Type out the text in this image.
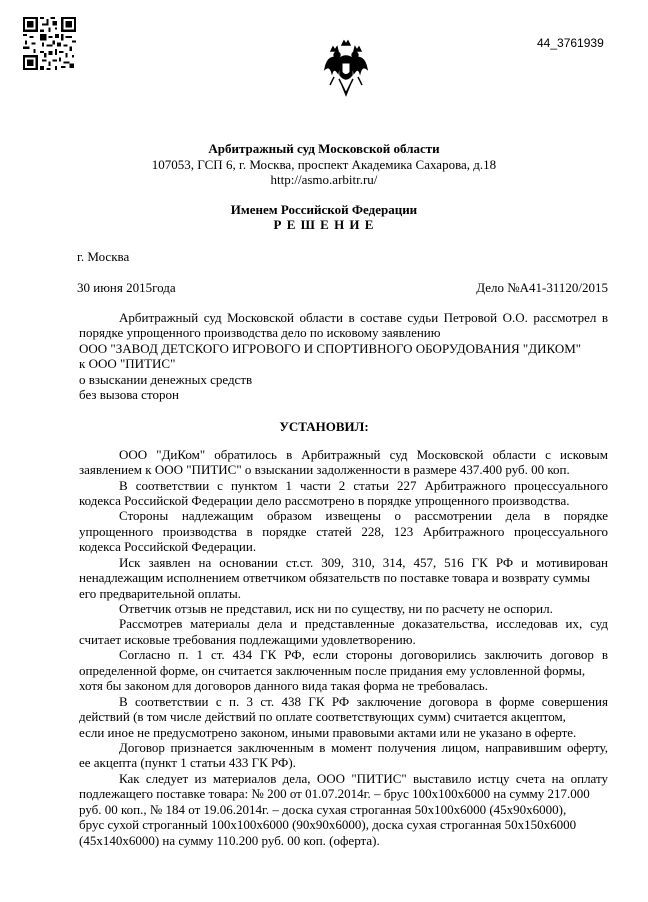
44_3761939
Арбитражный суд Московской области
107053, ГСП 6, г. Москва, проспект Академика Сахарова, д.18
http://asmo.arbitr.ru/
Именем Российской Федерации
Р Е Ш Е Н И Е
г. Москва
30 июня 2015года	Дело №А41-31120/2015
Арбитражный суд Московской области в составе судьи Петровой О.О. рассмотрел в
порядке упрощенного производства дело по исковому заявлению
ООО "ЗАВОД ДЕТСКОГО ИГРОВОГО И СПОРТИВНОГО ОБОРУДОВАНИЯ "ДИКОМ"
к ООО "ПИТИС"
о взыскании денежных средств
без вызова сторон
УСТАНОВИЛ:
ООО "ДиКом" обратилось в Арбитражный суд Московской области с исковым
заявлением к ООО "ПИТИС" о взыскании задолженности в размере 437.400 руб. 00 коп.
В соответствии с пунктом 1 части 2 статьи 227 Арбитражного процессуального
кодекса Российской Федерации дело рассмотрено в порядке упрощенного производства.
Стороны надлежащим образом извещены о рассмотрении дела в порядке
упрощенного производства в порядке статей 228, 123 Арбитражного процессуального
кодекса Российской Федерации.
Иск заявлен на основании ст.ст. 309, 310, 314, 457, 516 ГК РФ и мотивирован
ненадлежащим исполнением ответчиком обязательств по поставке товара и возврату суммы
его предварительной оплаты.
Ответчик отзыв не представил, иск ни по существу, ни по расчету не оспорил.
Рассмотрев материалы дела и представленные доказательства, исследовав их, суд
считает исковые требования подлежащими удовлетворению.
Согласно п. 1 ст. 434 ГК РФ, если стороны договорились заключить договор в
определенной форме, он считается заключенным после придания ему условленной формы,
хотя бы законом для договоров данного вида такая форма не требовалась.
В соответствии с п. 3 ст. 438 ГК РФ заключение договора в форме совершения
действий (в том числе действий по оплате соответствующих сумм) считается акцептом,
если иное не предусмотрено законом, иными правовыми актами или не указано в оферте.
Договор признается заключенным в момент получения лицом, направившим оферту,
ее акцепта (пункт 1 статьи 433 ГК РФ).
Как следует из материалов дела, ООО "ПИТИС" выставило истцу счета на оплату
подлежащего поставке товара: № 200 от 01.07.2014г. – брус 100х100х6000 на сумму 217.000
руб. 00 коп., № 184 от 19.06.2014г. – доска сухая строганная 50х100х6000 (45х90х6000),
брус сухой строганный 100х100х6000 (90х90х6000), доска сухая строганная 50х150х6000
(45х140х6000) на сумму 110.200 руб. 00 коп. (оферта).
